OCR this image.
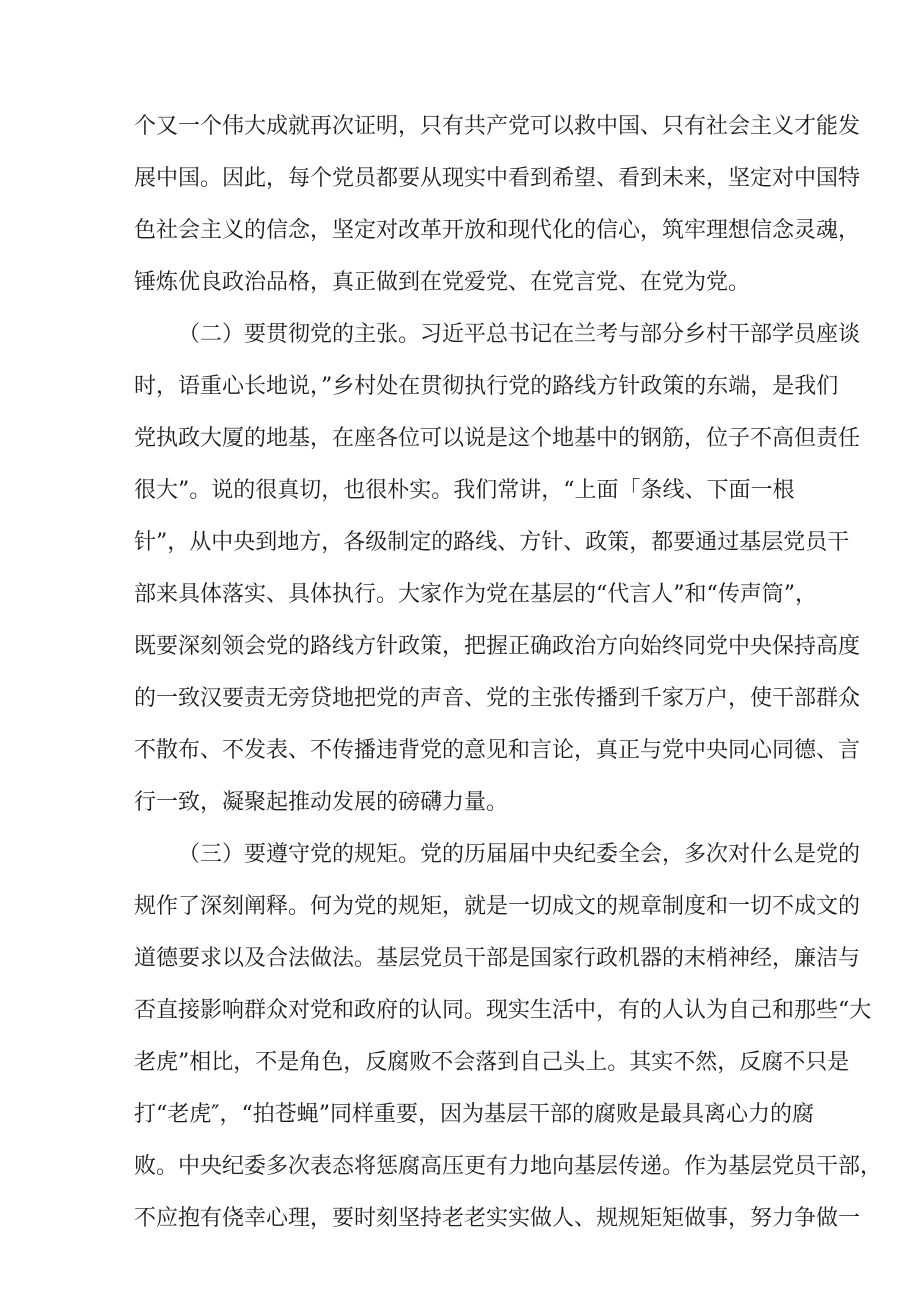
个又一个伟大成就再次证明，只有共产党可以救中国、只有社会主义才能发
展中国。因此，每个党员都要从现实中看到希望、看到未来，坚定对中国特
色社会主义的信念，坚定对改革开放和现代化的信心，筑牢理想信念灵魂，
锤炼优良政治品格，真正做到在党爱党、在党言党、在党为党。
（二）要贯彻党的主张。习近平总书记在兰考与部分乡村干部学员座谈
时，语重心长地说，”乡村处在贯彻执行党的路线方针政策的东端，是我们
党执政大厦的地基，在座各位可以说是这个地基中的钢筋，位子不高但责任
很大”。说的很真切，也很朴实。我们常讲，“上面「条线、下面一根
针”，从中央到地方，各级制定的路线、方针、政策，都要通过基层党员干
部来具体落实、具体执行。大家作为党在基层的“代言人”和“传声筒”，
既要深刻领会党的路线方针政策，把握正确政治方向始终同党中央保持高度
的一致汉要责无旁贷地把党的声音、党的主张传播到千家万户，使干部群众
不散布、不发表、不传播违背党的意见和言论，真正与党中央同心同德、言
行一致，凝聚起推动发展的磅礴力量。
（三）要遵守党的规矩。党的历届届中央纪委全会，多次对什么是党的
规作了深刻阐释。何为党的规矩，就是一切成文的规章制度和一切不成文的
道德要求以及合法做法。基层党员干部是国家行政机器的末梢神经，廉洁与
否直接影响群众对党和政府的认同。现实生活中，有的人认为自己和那些“大
老虎”相比，不是角色，反腐败不会落到自己头上。其实不然，反腐不只是
打“老虎″，“拍苍蝇”同样重要，因为基层干部的腐败是最具离心力的腐
败。中央纪委多次表态将惩腐高压更有力地向基层传递。作为基层党员干部，
不应抱有侥幸心理，要时刻坚持老老实实做人、规规矩矩做事，努力争做一
